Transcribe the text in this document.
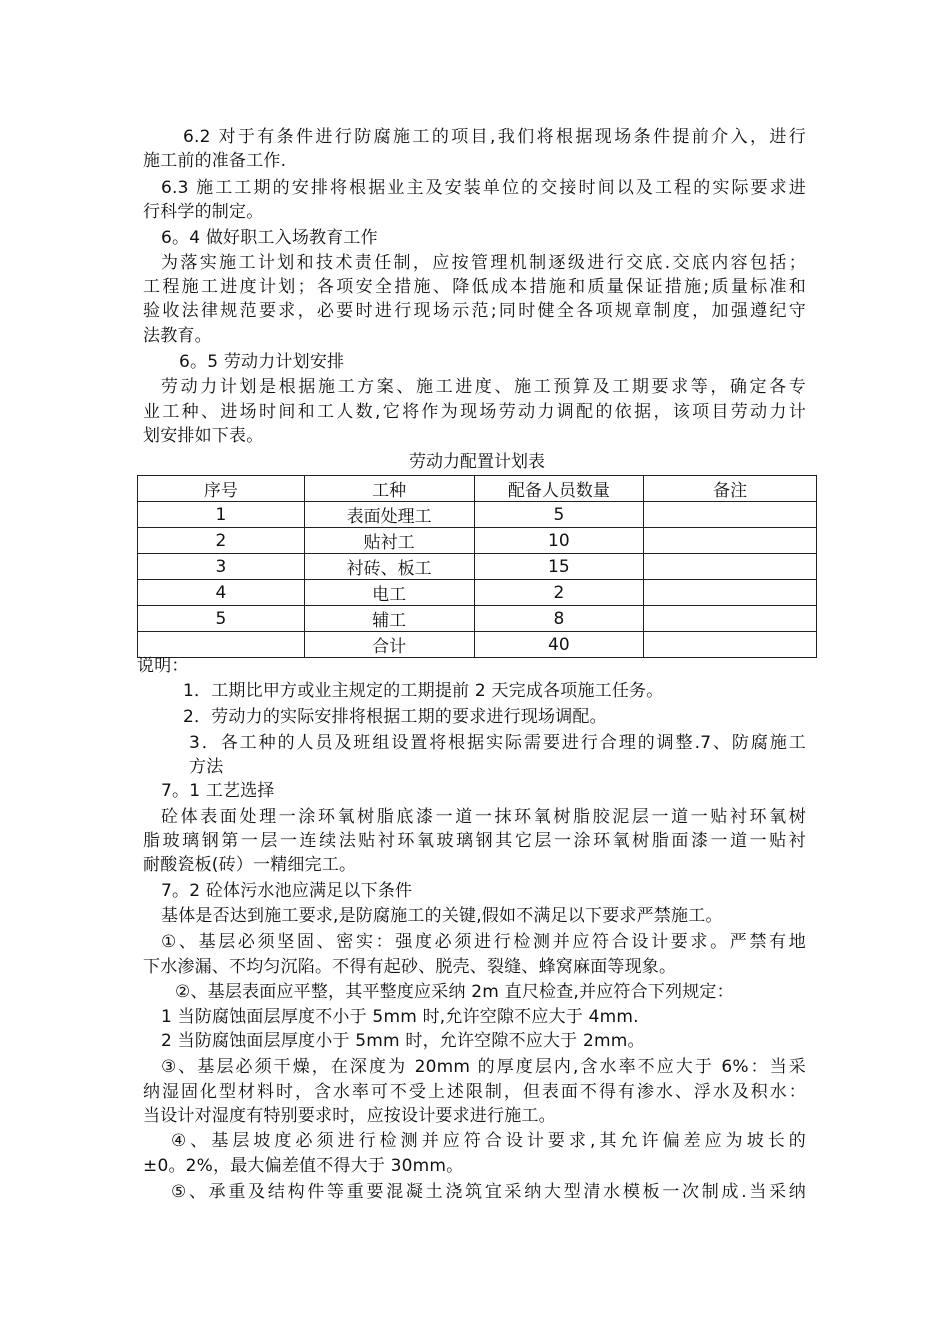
6.2 对于有条件进行防腐施工的项目,我们将根据现场条件提前介入，进行
施工前的准备工作.
6.3 施工工期的安排将根据业主及安装单位的交接时间以及工程的实际要求进
行科学的制定。
6。4 做好职工入场教育工作
为落实施工计划和技术责任制，应按管理机制逐级进行交底.交底内容包括；
工程施工进度计划；各项安全措施、降低成本措施和质量保证措施;质量标准和
验收法律规范要求，必要时进行现场示范;同时健全各项规章制度，加强遵纪守
法教育。
6。5 劳动力计划安排
劳动力计划是根据施工方案、施工进度、施工预算及工期要求等，确定各专
业工种、进场时间和工人数,它将作为现场劳动力调配的依据，该项目劳动力计
划安排如下表。
劳动力配置计划表
序号	工种	配备人员数量	备注
1	表面处理工	5	
2	贴衬工	10	
3	衬砖、板工	15	
4	电工	2	
5	辅工	8	
	合计	40	
说明：
1．工期比甲方或业主规定的工期提前 2 天完成各项施工任务。
2．劳动力的实际安排将根据工期的要求进行现场调配。
3．各工种的人员及班组设置将根据实际需要进行合理的调整.7、防腐施工
方法
7。1 工艺选择
砼体表面处理一涂环氧树脂底漆一道一抹环氧树脂胶泥层一道一贴衬环氧树
脂玻璃钢第一层一连续法贴衬环氧玻璃钢其它层一涂环氧树脂面漆一道一贴衬
耐酸瓷板(砖）一精细完工。
7。2 砼体污水池应满足以下条件
基体是否达到施工要求,是防腐施工的关键,假如不满足以下要求严禁施工。
①、基层必须坚固、密实：强度必须进行检测并应符合设计要求。严禁有地
下水渗漏、不均匀沉陷。不得有起砂、脱壳、裂缝、蜂窝麻面等现象。
②、基层表面应平整，其平整度应采纳 2m 直尺检查,并应符合下列规定：
1 当防腐蚀面层厚度不小于 5mm 时,允许空隙不应大于 4mm.
2 当防腐蚀面层厚度小于 5mm 时，允许空隙不应大于 2mm。
③、基层必须干燥，在深度为 20mm 的厚度层内,含水率不应大于 6%：当采
纳湿固化型材料时，含水率可不受上述限制，但表面不得有渗水、浮水及积水：
当设计对湿度有特别要求时，应按设计要求进行施工。
④、基层坡度必须进行检测并应符合设计要求,其允许偏差应为坡长的
±0。2%，最大偏差值不得大于 30mm。
⑤、承重及结构件等重要混凝土浇筑宜采纳大型清水模板一次制成.当采纳
